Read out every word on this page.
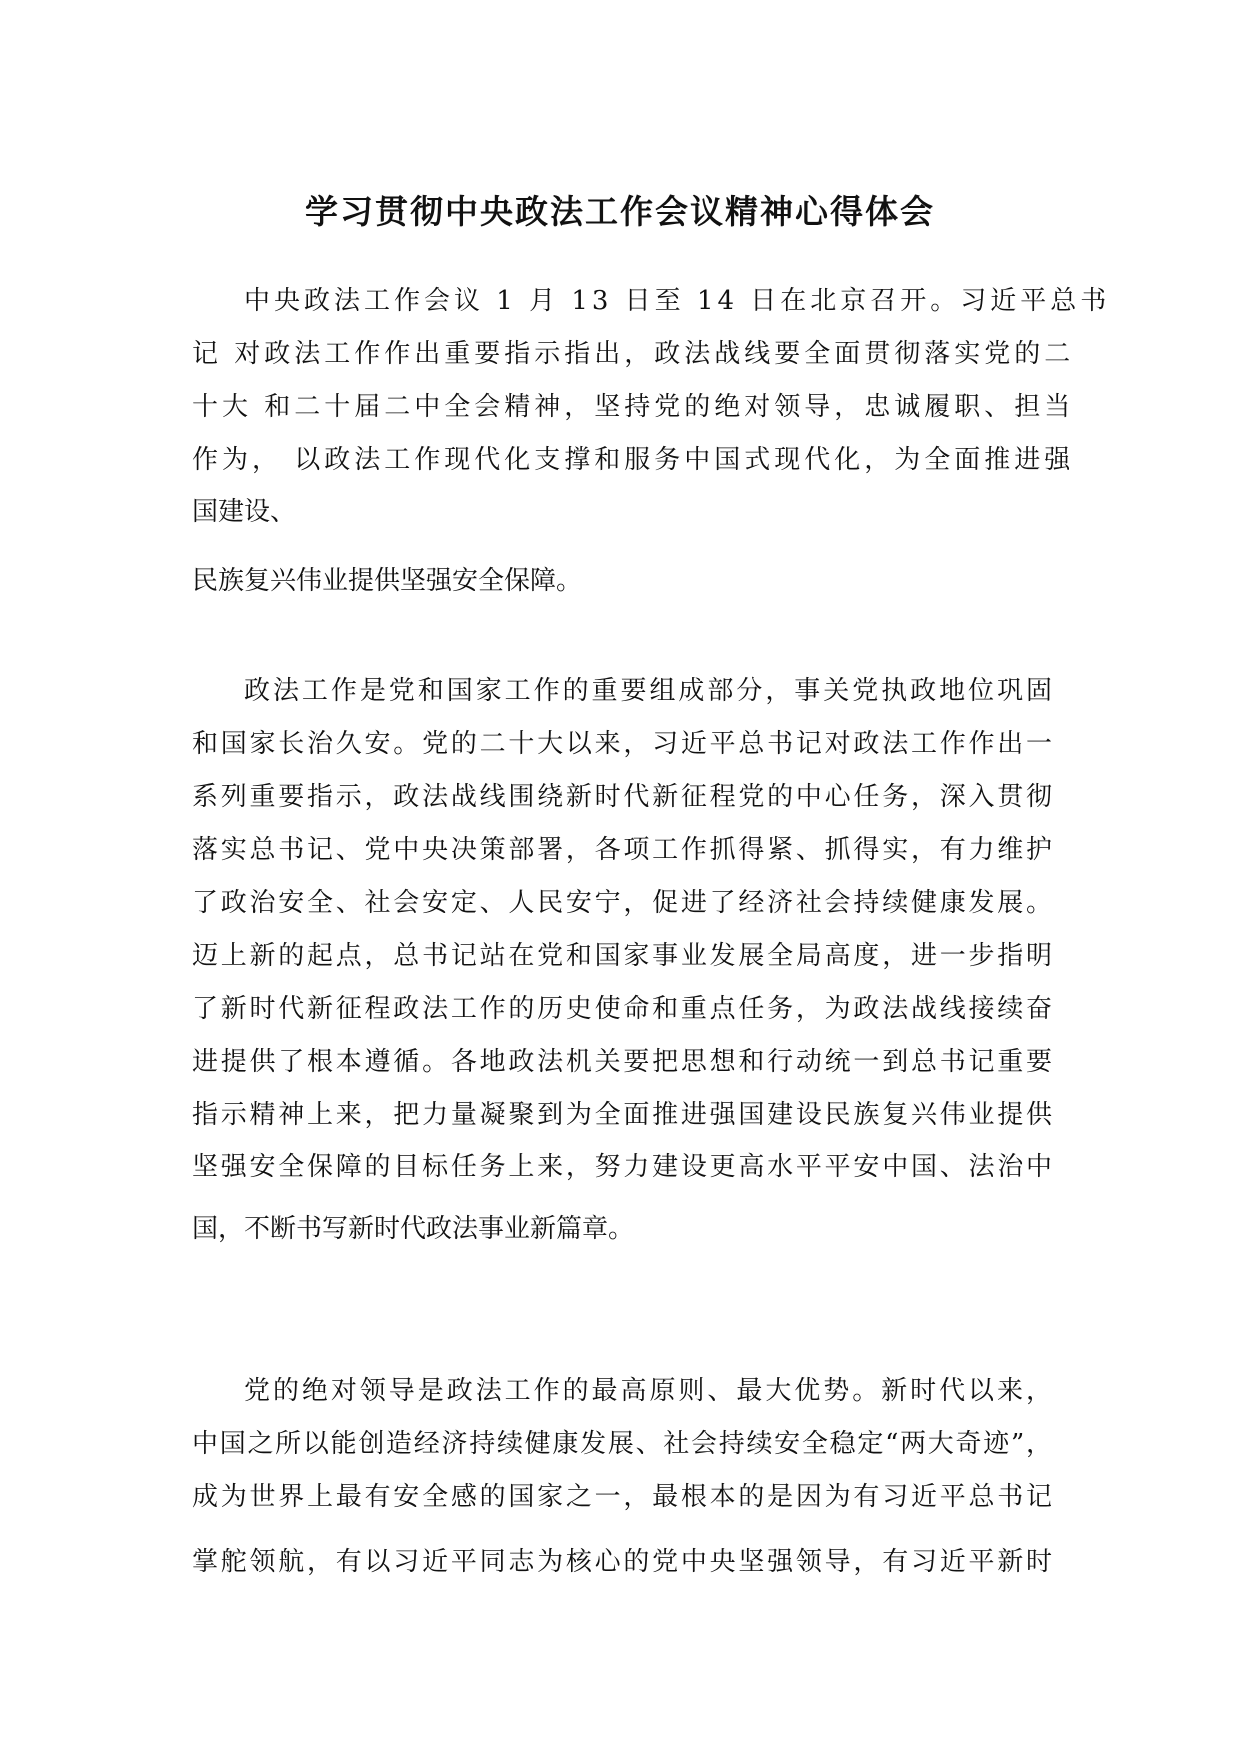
学习贯彻中央政法工作会议精神心得体会

中央政法工作会议 1 月 13 日至 14 日在北京召开。习近平总书

记 对政法工作作出重要指示指出，政法战线要全面贯彻落实党的二

十大 和二十届二中全会精神，坚持党的绝对领导，忠诚履职、担当

作为， 以政法工作现代化支撑和服务中国式现代化，为全面推进强

国建设、

民族复兴伟业提供坚强安全保障。

政法工作是党和国家工作的重要组成部分，事关党执政地位巩固

和国家长治久安。党的二十大以来，习近平总书记对政法工作作出一

系列重要指示，政法战线围绕新时代新征程党的中心任务，深入贯彻

落实总书记、党中央决策部署，各项工作抓得紧、抓得实，有力维护

了政治安全、社会安定、人民安宁，促进了经济社会持续健康发展。

迈上新的起点，总书记站在党和国家事业发展全局高度，进一步指明

了新时代新征程政法工作的历史使命和重点任务，为政法战线接续奋

进提供了根本遵循。各地政法机关要把思想和行动统一到总书记重要

指示精神上来，把力量凝聚到为全面推进强国建设民族复兴伟业提供

坚强安全保障的目标任务上来，努力建设更高水平平安中国、法治中

国，不断书写新时代政法事业新篇章。

党的绝对领导是政法工作的最高原则、最大优势。新时代以来，

中国之所以能创造经济持续健康发展、社会持续安全稳定“两大奇迹”，

成为世界上最有安全感的国家之一，最根本的是因为有习近平总书记

掌舵领航，有以习近平同志为核心的党中央坚强领导，有习近平新时
